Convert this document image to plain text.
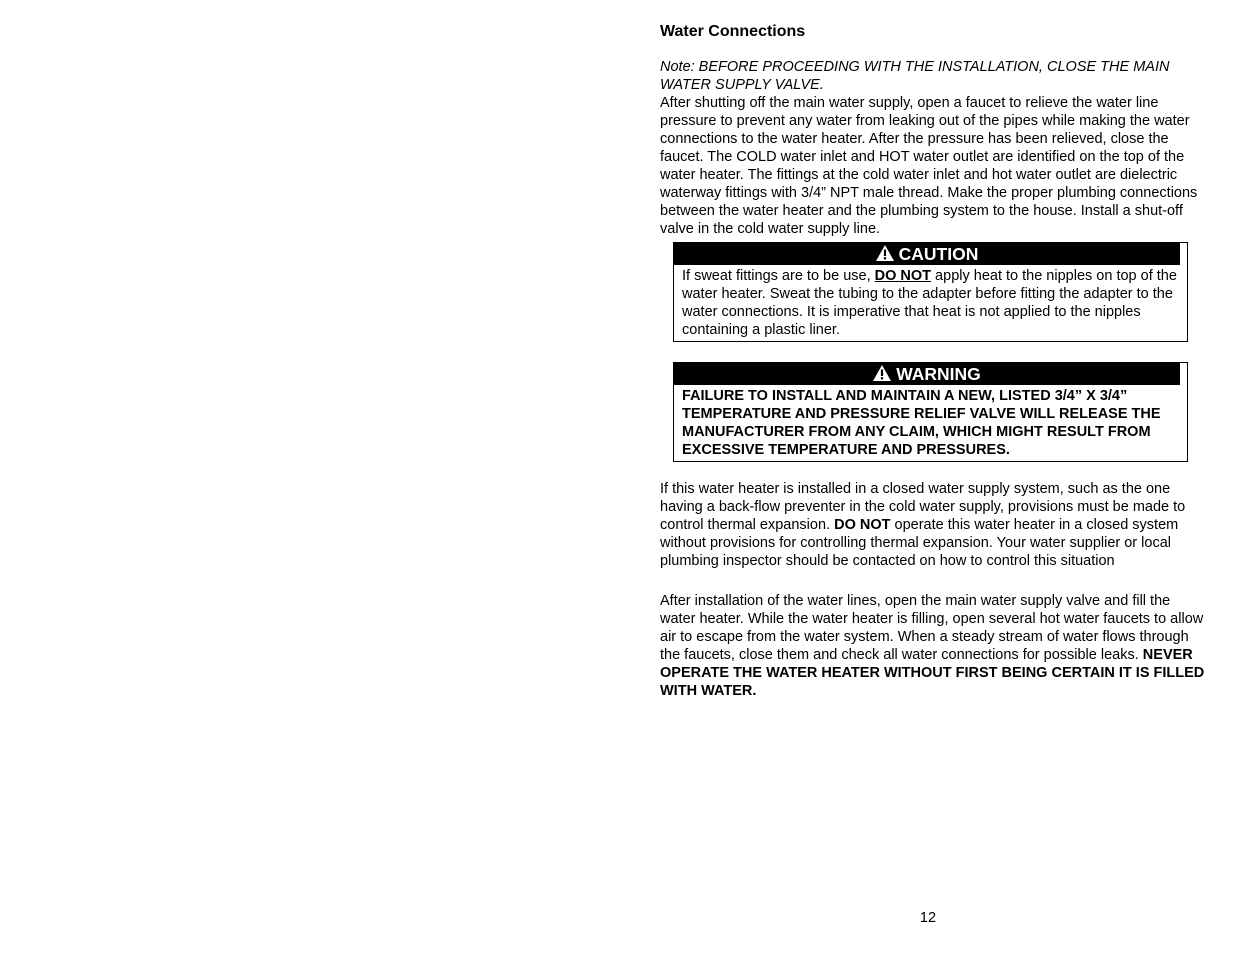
Water Connections

Note: BEFORE PROCEEDING WITH THE INSTALLATION, CLOSE THE MAIN WATER SUPPLY VALVE.

After shutting off the main water supply, open a faucet to relieve the water line pressure to prevent any water from leaking out of the pipes while making the water connections to the water heater. After the pressure has been relieved, close the faucet. The COLD water inlet and HOT water outlet are identified on the top of the water heater. The fittings at the cold water inlet and hot water outlet are dielectric waterway fittings with 3/4” NPT male thread. Make the proper plumbing connections between the water heater and the plumbing system to the house. Install a shut-off valve in the cold water supply line.

CAUTION
If sweat fittings are to be use, DO NOT apply heat to the nipples on top of the water heater. Sweat the tubing to the adapter before fitting the adapter to the water connections. It is imperative that heat is not applied to the nipples containing a plastic liner.
WARNING
FAILURE TO INSTALL AND MAINTAIN A NEW, LISTED 3/4” X 3/4” TEMPERATURE AND PRESSURE RELIEF VALVE WILL RELEASE THE MANUFACTURER FROM ANY CLAIM, WHICH MIGHT RESULT FROM EXCESSIVE TEMPERATURE AND PRESSURES.

If this water heater is installed in a closed water supply system, such as the one having a back-flow preventer in the cold water supply, provisions must be made to control thermal expansion. DO NOT operate this water heater in a closed system without provisions for controlling thermal expansion. Your water supplier or local plumbing inspector should be contacted on how to control this situation

After installation of the water lines, open the main water supply valve and fill the water heater. While the water heater is filling, open several hot water faucets to allow air to escape from the water system. When a steady stream of water flows through the faucets, close them and check all water connections for possible leaks. NEVER OPERATE THE WATER HEATER WITHOUT FIRST BEING CERTAIN IT IS FILLED WITH WATER.

12
